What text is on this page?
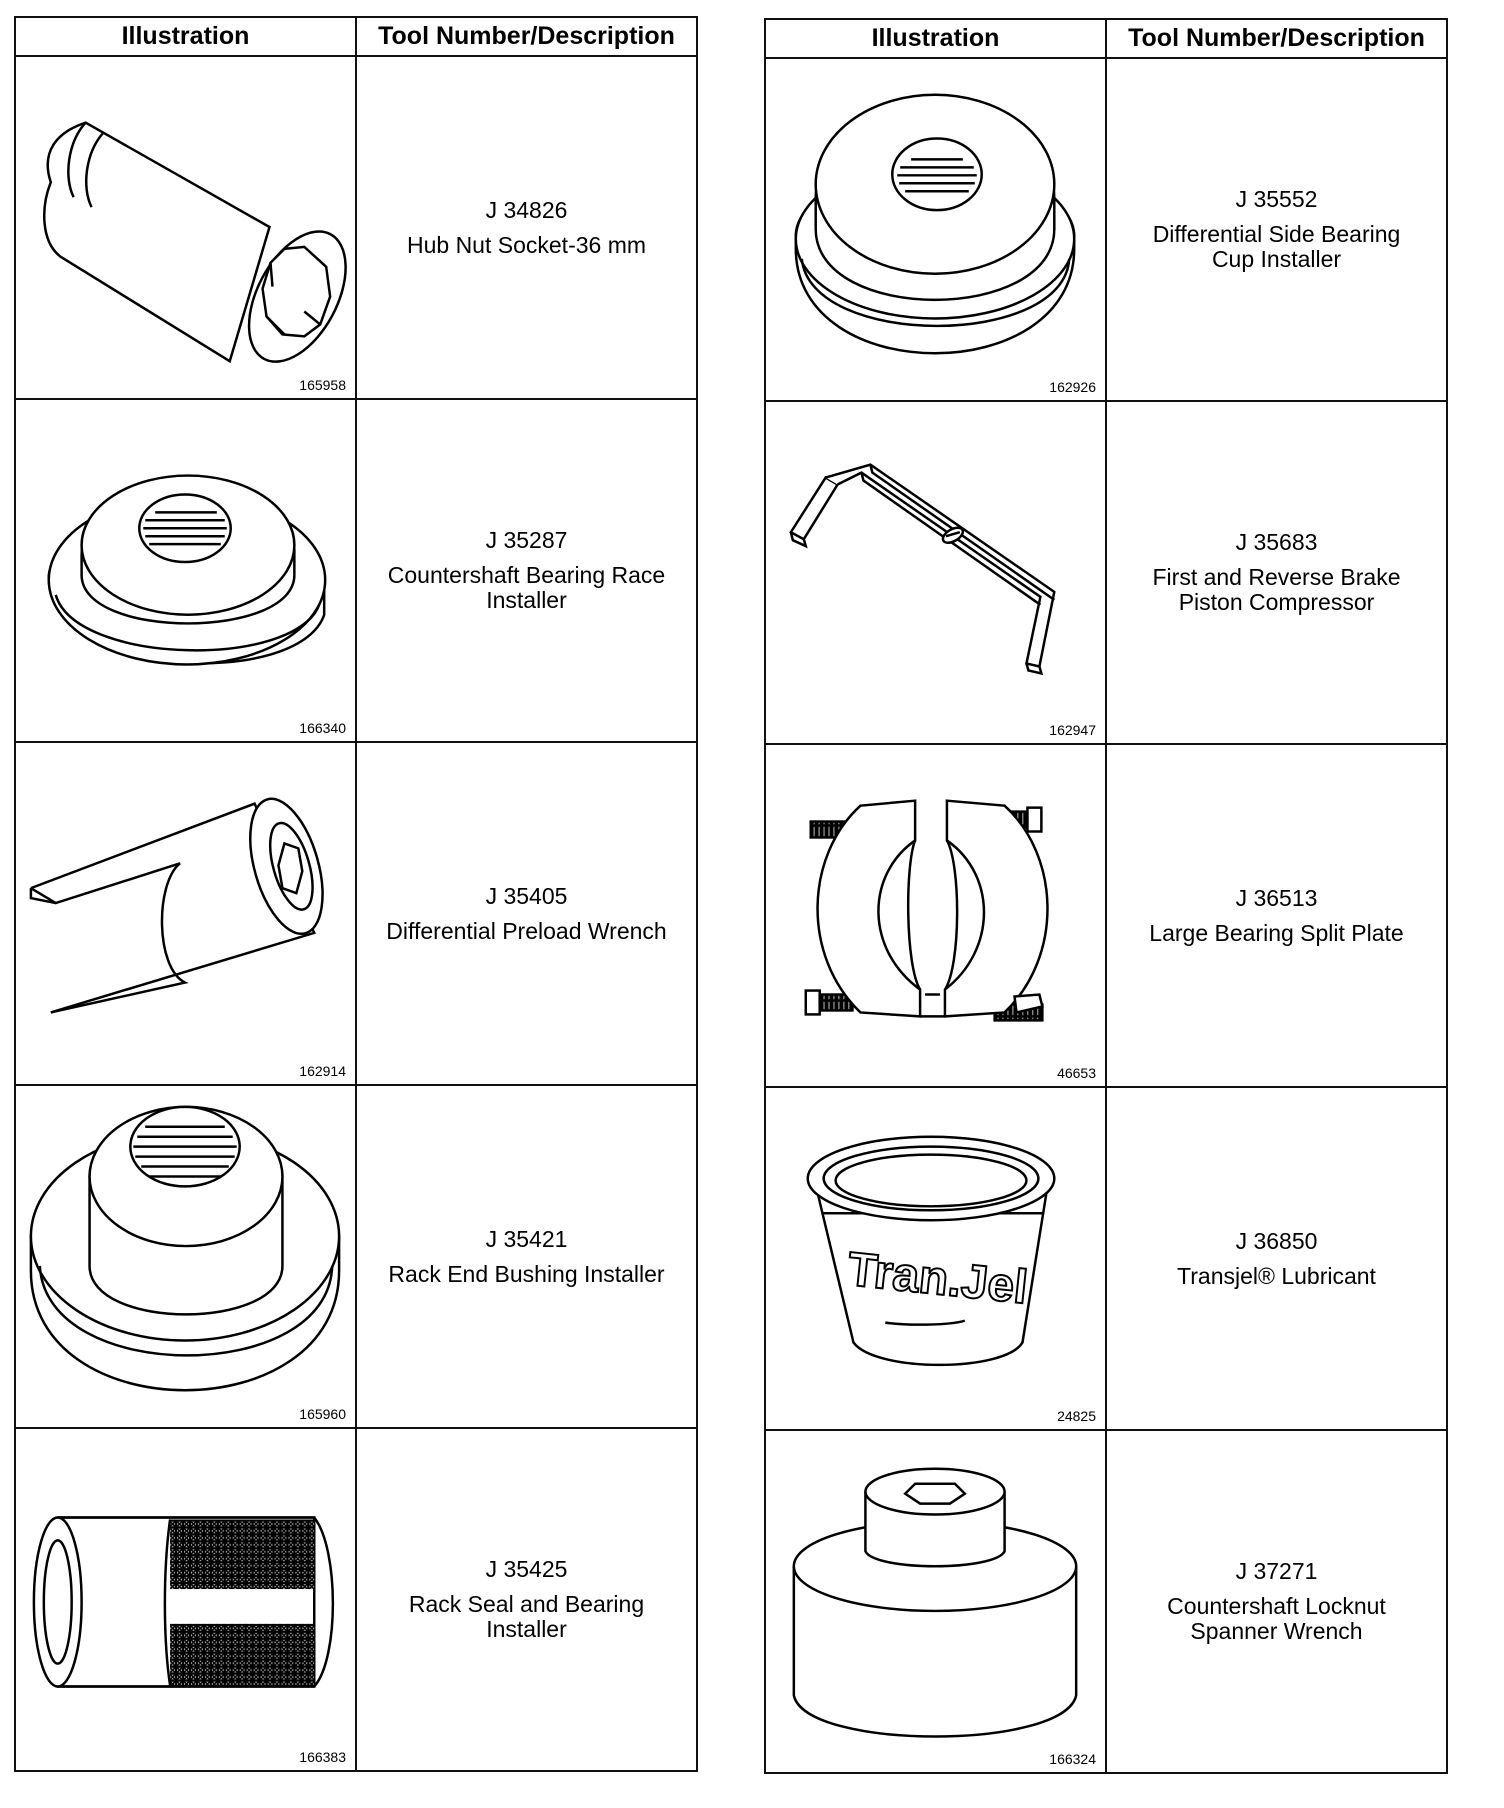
Illustration	Tool Number/Description

165958	J 34826
Hub Nut Socket-36 mm

166340	J 35287
Countershaft Bearing Race
Installer

162914	J 35405
Differential Preload Wrench

165960	J 35421
Rack End Bushing Installer

166383	J 35425
Rack Seal and Bearing
Installer
Illustration	Tool Number/Description

162926	J 35552
Differential Side Bearing
Cup Installer

162947	J 35683
First and Reverse Brake
Piston Compressor

46653	J 36513
Large Bearing Split Plate

Tran.Jel
24825	J 36850
Transjel® Lubricant

166324	J 37271
Countershaft Locknut
Spanner Wrench
